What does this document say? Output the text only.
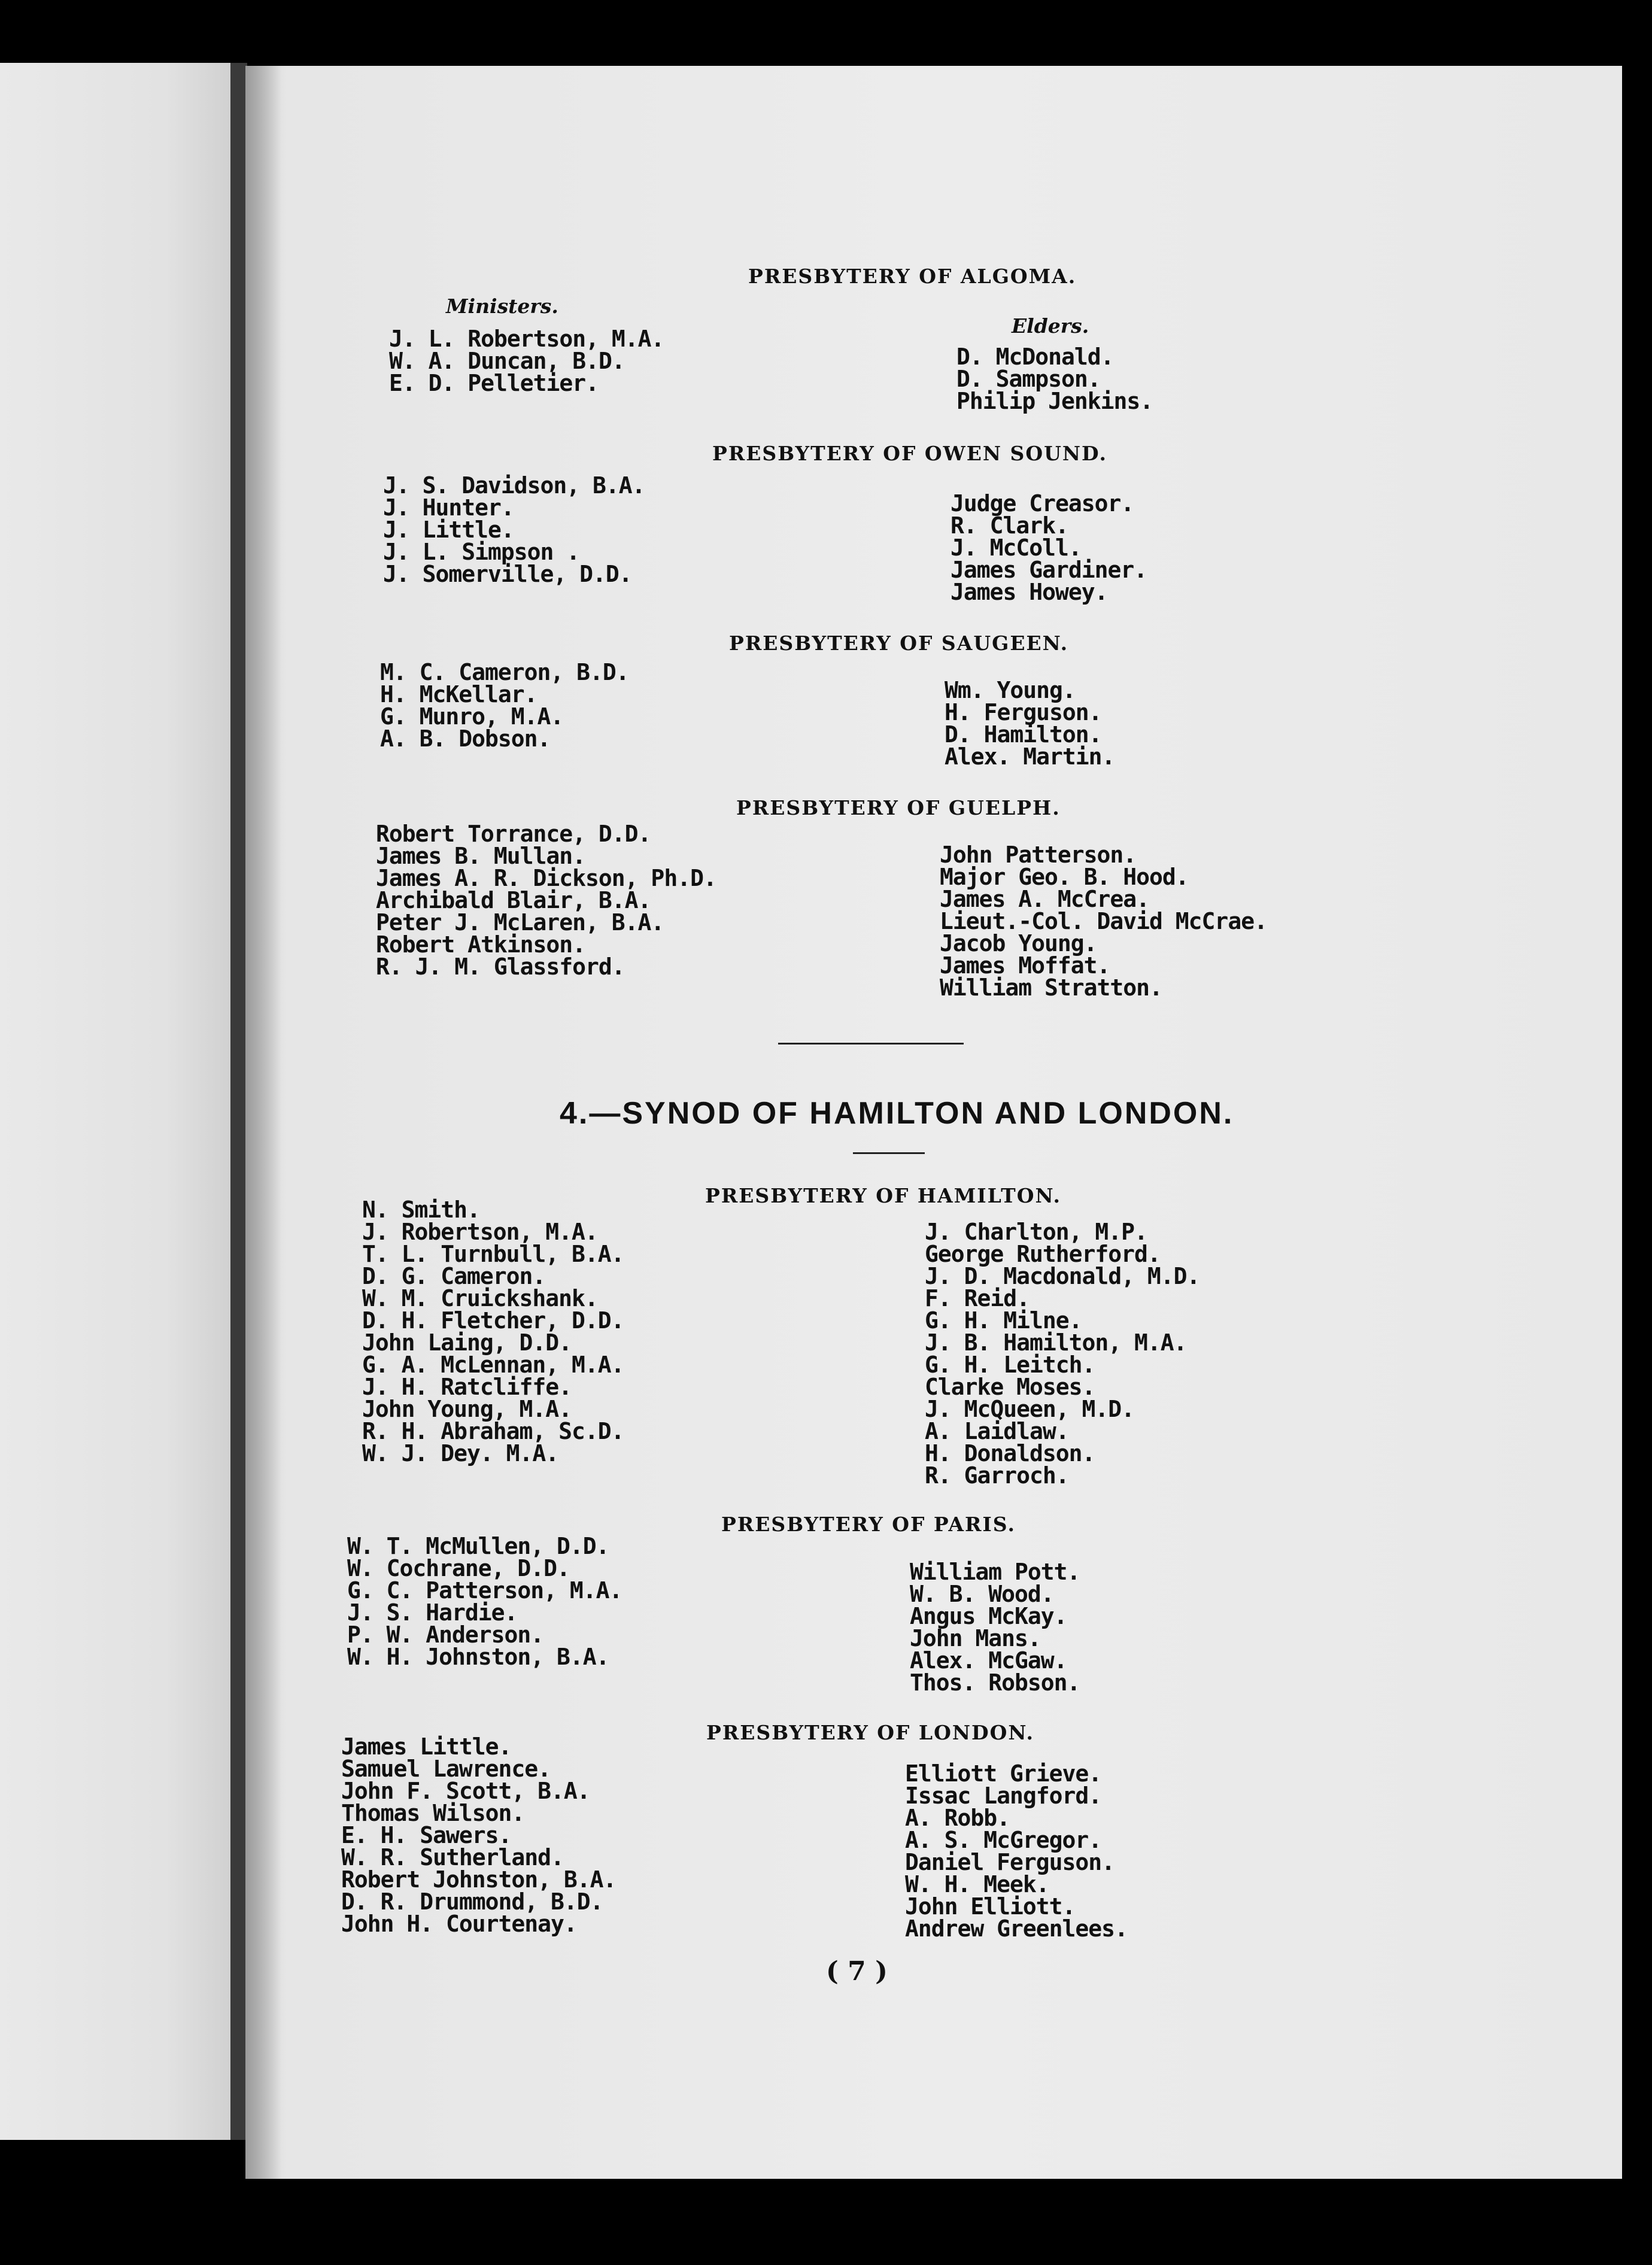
PRESBYTERY OF ALGOMA.
Ministers.
Elders.
J. L. Robertson, M.A.
W. A. Duncan, B.D.
E. D. Pelletier.
D. McDonald.
D. Sampson.
Philip Jenkins.
PRESBYTERY OF OWEN SOUND.
J. S. Davidson, B.A.
J. Hunter.
J. Little.
J. L. Simpson .
J. Somerville, D.D.
Judge Creasor.
R. Clark.
J. McColl.
James Gardiner.
James Howey.
PRESBYTERY OF SAUGEEN.
M. C. Cameron, B.D.
H. McKellar.
G. Munro, M.A.
A. B. Dobson.
Wm. Young.
H. Ferguson.
D. Hamilton.
Alex. Martin.
PRESBYTERY OF GUELPH.
Robert Torrance, D.D.
James B. Mullan.
James A. R. Dickson, Ph.D.
Archibald Blair, B.A.
Peter J. McLaren, B.A.
Robert Atkinson.
R. J. M. Glassford.
John Patterson.
Major Geo. B. Hood.
James A. McCrea.
Lieut.-Col. David McCrae.
Jacob Young.
James Moffat.
William Stratton.
4.—SYNOD OF HAMILTON AND LONDON.
PRESBYTERY OF HAMILTON.
N. Smith.
J. Robertson, M.A.
T. L. Turnbull, B.A.
D. G. Cameron.
W. M. Cruickshank.
D. H. Fletcher, D.D.
John Laing, D.D.
G. A. McLennan, M.A.
J. H. Ratcliffe.
John Young, M.A.
R. H. Abraham, Sc.D.
W. J. Dey. M.A.
J. Charlton, M.P.
George Rutherford.
J. D. Macdonald, M.D.
F. Reid.
G. H. Milne.
J. B. Hamilton, M.A.
G. H. Leitch.
Clarke Moses.
J. McQueen, M.D.
A. Laidlaw.
H. Donaldson.
R. Garroch.
PRESBYTERY OF PARIS.
W. T. McMullen, D.D.
W. Cochrane, D.D.
G. C. Patterson, M.A.
J. S. Hardie.
P. W. Anderson.
W. H. Johnston, B.A.
William Pott.
W. B. Wood.
Angus McKay.
John Mans.
Alex. McGaw.
Thos. Robson.
PRESBYTERY OF LONDON.
James Little.
Samuel Lawrence.
John F. Scott, B.A.
Thomas Wilson.
E. H. Sawers.
W. R. Sutherland.
Robert Johnston, B.A.
D. R. Drummond, B.D.
John H. Courtenay.
Elliott Grieve.
Issac Langford.
A. Robb.
A. S. McGregor.
Daniel Ferguson.
W. H. Meek.
John Elliott.
Andrew Greenlees.
( 7 )
